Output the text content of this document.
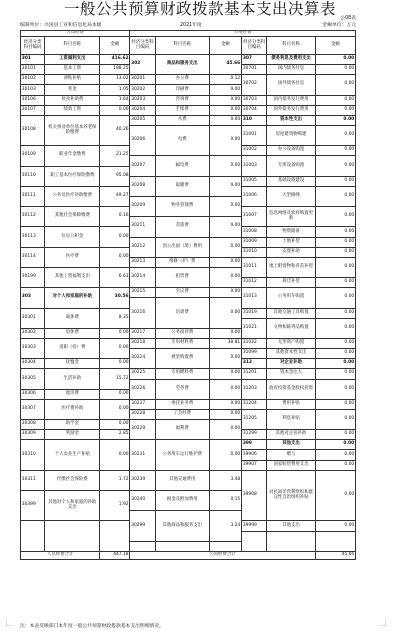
一般公共预算财政拨款基本支出决算表
公08表
编制单位：兴国县工业和信息化局本级	2021年度	金额单位：万元
人员经费	公用经费
经济分类科目编码	科目名称	金额	经济分类科目编码	科目名称	金额	经济分类科目编码	科目名称	金额
301	工资福利支出	416.62
30101	基本工资	188.25
30102	津贴补贴	13.02
30103	奖金	1.05
30106	伙食补助费	1.64
30107	绩效工资	0.00
30108	机关事业单位基本养老保险缴费	40.26
30109	职业年金缴费	21.25
30110	职工基本医疗保险缴费	95.08
30111	公务员医疗补助缴费	49.27
30112	其他社会保障缴费	0.16
30113	住房公积金	0.00
30114	医疗费	0.00
30199	其他工资福利支出	6.63
303	对个人和家庭的补助	30.56
30301	离休费	8.35
30302	退休费	0.00
30303	退职（役）费	0.00
30304	抚恤金	0.00
30305	生活补助	15.72
30306	救济费	0.00
30307	医疗费补助	0.00
30308	助学金	0.00
30309	奖励金	2.85
30310	个人农业生产补贴	0.00
30311	代缴社会保险费	1.72
30399	其他对个人和家庭的补助支出	1.92
302	商品和服务支出	45.66
30201	办公费	0.12
30202	印刷费	0.00
30203	咨询费	0.00
30204	手续费	0.00
30205	水费	0.00
30206	电费	0.00
30207	邮电费	0.00
30208	取暖费	0.00
30209	物业管理费	0.00
30211	差旅费	0.00
30212	因公出国（境）费用	0.00
30213	维修（护）费	0.00
30214	租赁费	0.00
30215	会议费	0.00
30216	培训费	0.00
30217	公务接待费	0.00
30218	专用材料费	38.81
30224	被装购置费	0.00
30225	专用燃料费	0.00
30226	劳务费	0.00
30227	委托业务费	0.00
30228	工会经费	0.00
30229	福利费	0.00
30231	公务用车运行维护费	0.00
30239	其他交通费用	3.48
30240	税金及附加费用	0.15
30299	其他商品和服务支出	3.24
307	债务利息及费用支出	0.00
30701	国内债务付息	0.00
30702	国外债务付息	0.00
30703	国内债务发行费用	0.00
30704	国外债务发行费用	0.00
310	资本性支出	0.00
31001	房屋建筑物购建	0.00
31002	办公设备购置	0.00
31003	专用设备购置	0.00
31005	基础设施建设	0.00
31006	大型修缮	0.00
31007	信息网络及软件购置更新	0.00
31008	物资储备	0.00
31009	土地补偿	0.00
31010	安置补助	0.00
31011	地上附着物和青苗补偿	0.00
31012	拆迁补偿	0.00
31013	公务用车购置	0.00
31019	其他交通工具购置	0.00
31021	文物和陈列品购置	0.00
31022	无形资产购置	0.00
31099	其他资本性支出	0.00
312	对企业补助	0.00
31201	资本金注入	0.00
31203	政府投资基金股权投资	0.00
31204	费用补贴	0.00
31205	利息补贴	0.00
31299	其他对企业补助	0.00
399	其他支出	0.00
39906	赠与	0.00
39907	国家赔偿费用支出	0.00
39908	对民间非营利组织和群众性自治组织补贴	0.00
39999	其他支出	0.00
人员经费合计	447.18	公用经费合计	45.66
注：本表反映部门本年度一般公共预算财政拨款基本支出明细情况。
